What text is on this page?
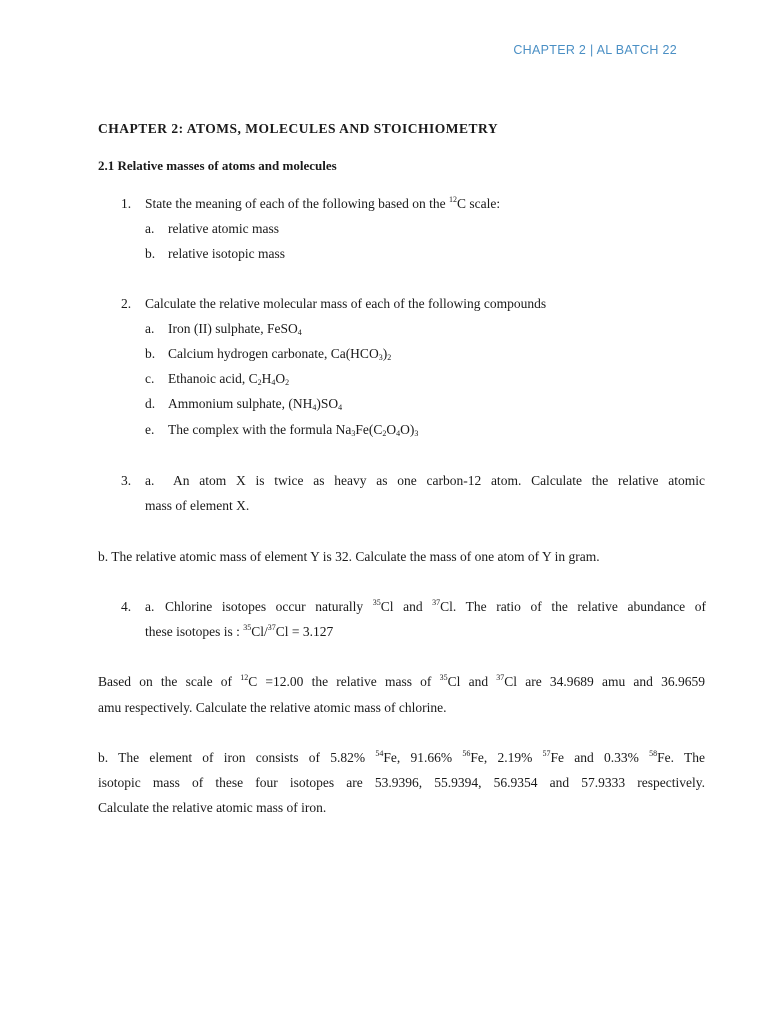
CHAPTER 2 | AL BATCH 22
CHAPTER 2: ATOMS, MOLECULES AND STOICHIOMETRY
2.1 Relative masses of atoms and molecules
1. State the meaning of each of the following based on the $^{12}$C scale:
a. relative atomic mass
b. relative isotopic mass
2. Calculate the relative molecular mass of each of the following compounds
a. Iron (II) sulphate, FeSO$_4$
b. Calcium hydrogen carbonate, $Ca(HCO_3)_2$
c. Ethanoic acid, $C_2H_4O_2$
d. Ammonium sulphate, $(NH_4)SO_4$
e. The complex with the formula $Na_3Fe(C_2O_4O)_3$
3. a. An atom X is twice as heavy as one carbon-12 atom. Calculate the relative atomic
mass of element X.
b. The relative atomic mass of element Y is 32. Calculate the mass of one atom of Y in gram.
4. a. Chlorine isotopes occur naturally $^{35}$Cl and $^{37}$Cl. The ratio of the relative abundance of
these isotopes is : $^{35}$Cl/$^{37}$Cl = 3.127
Based on the scale of $^{12}$C =12.00 the relative mass of $^{35}$Cl and $^{37}$Cl are 34.9689 amu and 36.9659
amu respectively. Calculate the relative atomic mass of chlorine.
b. The element of iron consists of 5.82% $^{54}$Fe, 91.66% $^{56}$Fe, 2.19% $^{57}$Fe and 0.33% $^{58}$Fe. The
isotopic mass of these four isotopes are 53.9396, 55.9394, 56.9354 and 57.9333 respectively.
Calculate the relative atomic mass of iron.
